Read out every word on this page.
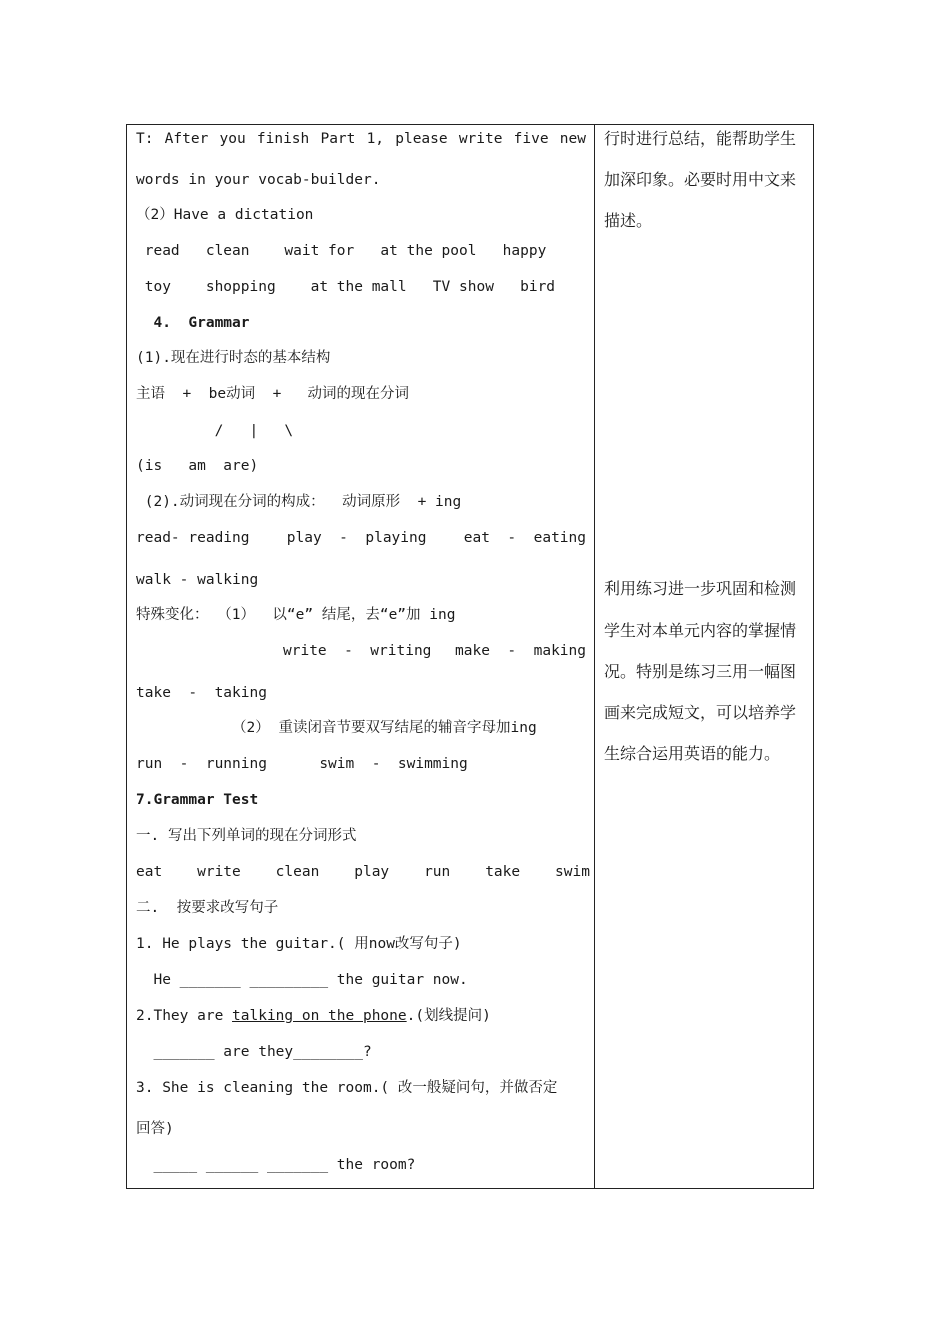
T: After you finish Part 1, please write five new
words in your vocab-builder.
（2）Have a dictation
read   clean    wait for   at the pool   happy
toy    shopping    at the mall   TV show   bird
4.  Grammar
(1).现在进行时态的基本结构
主语  +  be动词  +   动词的现在分词
/   |   \
(is   am  are)
(2).动词现在分词的构成：  动词原形  + ing
read- reading	play  -  playing	eat  -  eating
walk - walking
特殊变化： （1）  以“e” 结尾，去“e”加 ing
write  -  writing make  -  making
take  -  taking
（2） 重读闭音节要双写结尾的辅音字母加ing
run  -  running      swim  -  swimming
7.Grammar Test
一. 写出下列单词的现在分词形式
eat    write    clean    play    run    take    swim
二.  按要求改写句子
1. He plays the guitar.( 用now改写句子)
He _______ _________ the guitar now.
2.They are talking on the phone.(划线提问)
_______ are they________?
3. She is cleaning the room.( 改一般疑问句，并做否定
回答)
_____ ______ _______ the room?
行时进行总结，能帮助学生
加深印象。必要时用中文来
描述。
利用练习进一步巩固和检测
学生对本单元内容的掌握情
况。特别是练习三用一幅图
画来完成短文，可以培养学
生综合运用英语的能力。
